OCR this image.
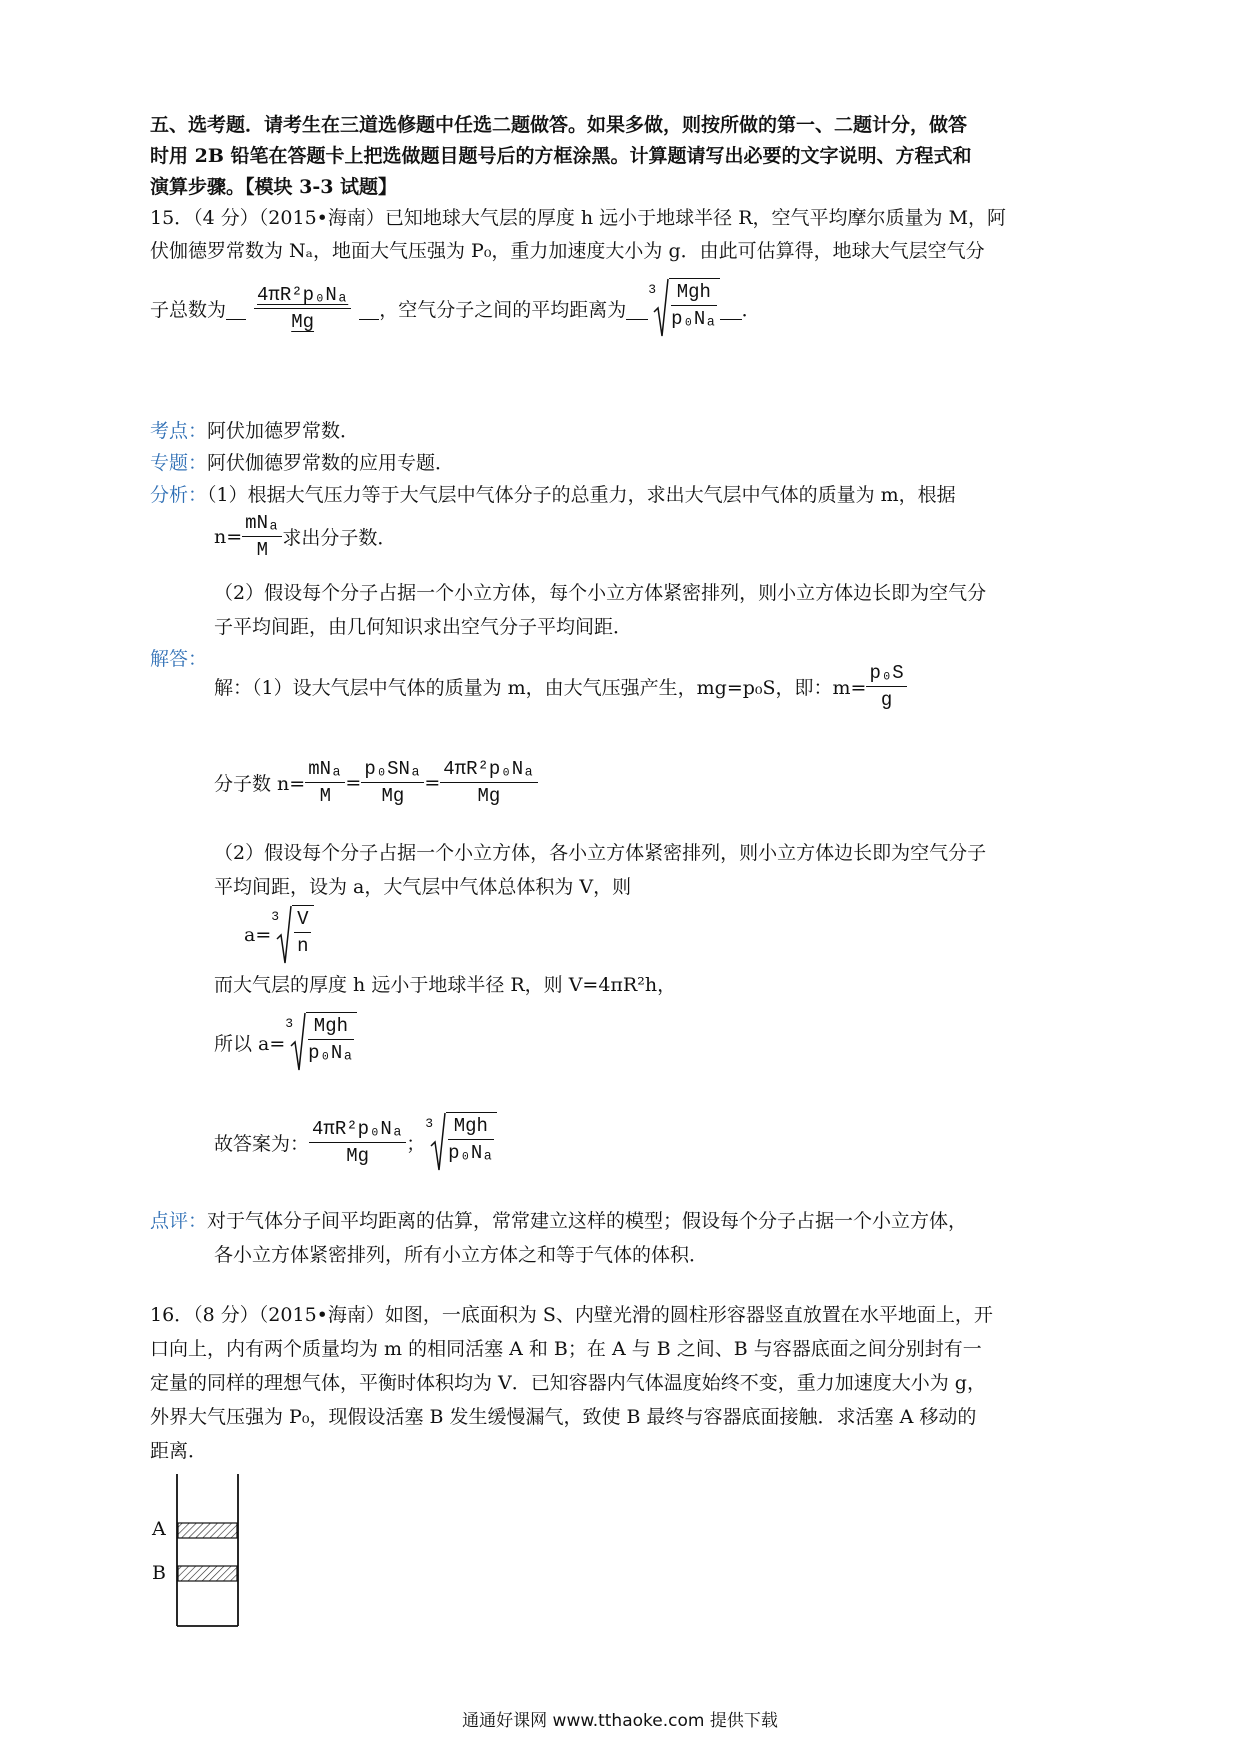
五、选考题．请考生在三道选修题中任选二题做答。如果多做，则按所做的第一、二题计分，做答
时用 2B 铅笔在答题卡上把选做题目题号后的方框涂黑。计算题请写出必要的文字说明、方程式和
演算步骤。【模块 3-3 试题】
15．（4 分）（2015•海南）已知地球大气层的厚度 h 远小于地球半径 R，空气平均摩尔质量为 M，阿
伏伽德罗常数为 Nₐ，地面大气压强为 P₀，重力加速度大小为 g．由此可估算得，地球大气层空气分
子总数为 $\frac{\text{4πR²p₀Nₐ}}{Mg}$ ，空气分子之间的平均距离为
$3 \frac{\text{Mgh}}{\text{p₀Nₐ}}$ ．
考点：阿伏加德罗常数．
专题：阿伏伽德罗常数的应用专题．
分析：（1）根据大气压力等于大气层中气体分子的总重力，求出大气层中气体的质量为 m，根据
$n= \frac{\text{mNₐ}}{M}$ 求出分子数．
（2）假设每个分子占据一个小立方体，每个小立方体紧密排列，则小立方体边长即为空气分
子平均间距，由几何知识求出空气分子平均间距．
解答：
解：（1）设大气层中气体的质量为 m，由大气压强产生，mg=p₀S，即：$m= \frac{\text{p₀S}}{g}$
分子数 $n= \frac{\text{mNₐ}}{M} = \frac{\text{p₀SNₐ}}{Mg} = \frac{\text{4πR²p₀Nₐ}}{Mg}$
（2）假设每个分子占据一个小立方体，各小立方体紧密排列，则小立方体边长即为空气分子
平均间距，设为 a，大气层中气体总体积为 V，则
a=
$3 \frac{V}{n}$
而大气层的厚度 h 远小于地球半径 R，则 V=4πR²h，
所以 a=
$3 \frac{\text{Mgh}}{\text{p₀Nₐ}}$
故答案为： $\frac{\text{4πR²p₀Nₐ}}{Mg}$ ；
$3 \frac{\text{Mgh}}{\text{p₀Nₐ}}$
点评：对于气体分子间平均距离的估算，常常建立这样的模型；假设每个分子占据一个小立方体，
各小立方体紧密排列，所有小立方体之和等于气体的体积．
16．（8 分）（2015•海南）如图，一底面积为 S、内壁光滑的圆柱形容器竖直放置在水平地面上，开
口向上，内有两个质量均为 m 的相同活塞 A 和 B；在 A 与 B 之间、B 与容器底面之间分别封有一
定量的同样的理想气体，平衡时体积均为 V．已知容器内气体温度始终不变，重力加速度大小为 g，
外界大气压强为 P₀，现假设活塞 B 发生缓慢漏气，致使 B 最终与容器底面接触．求活塞 A 移动的
距离．
A
B
通通好课网 www.tthaoke.com 提供下载
